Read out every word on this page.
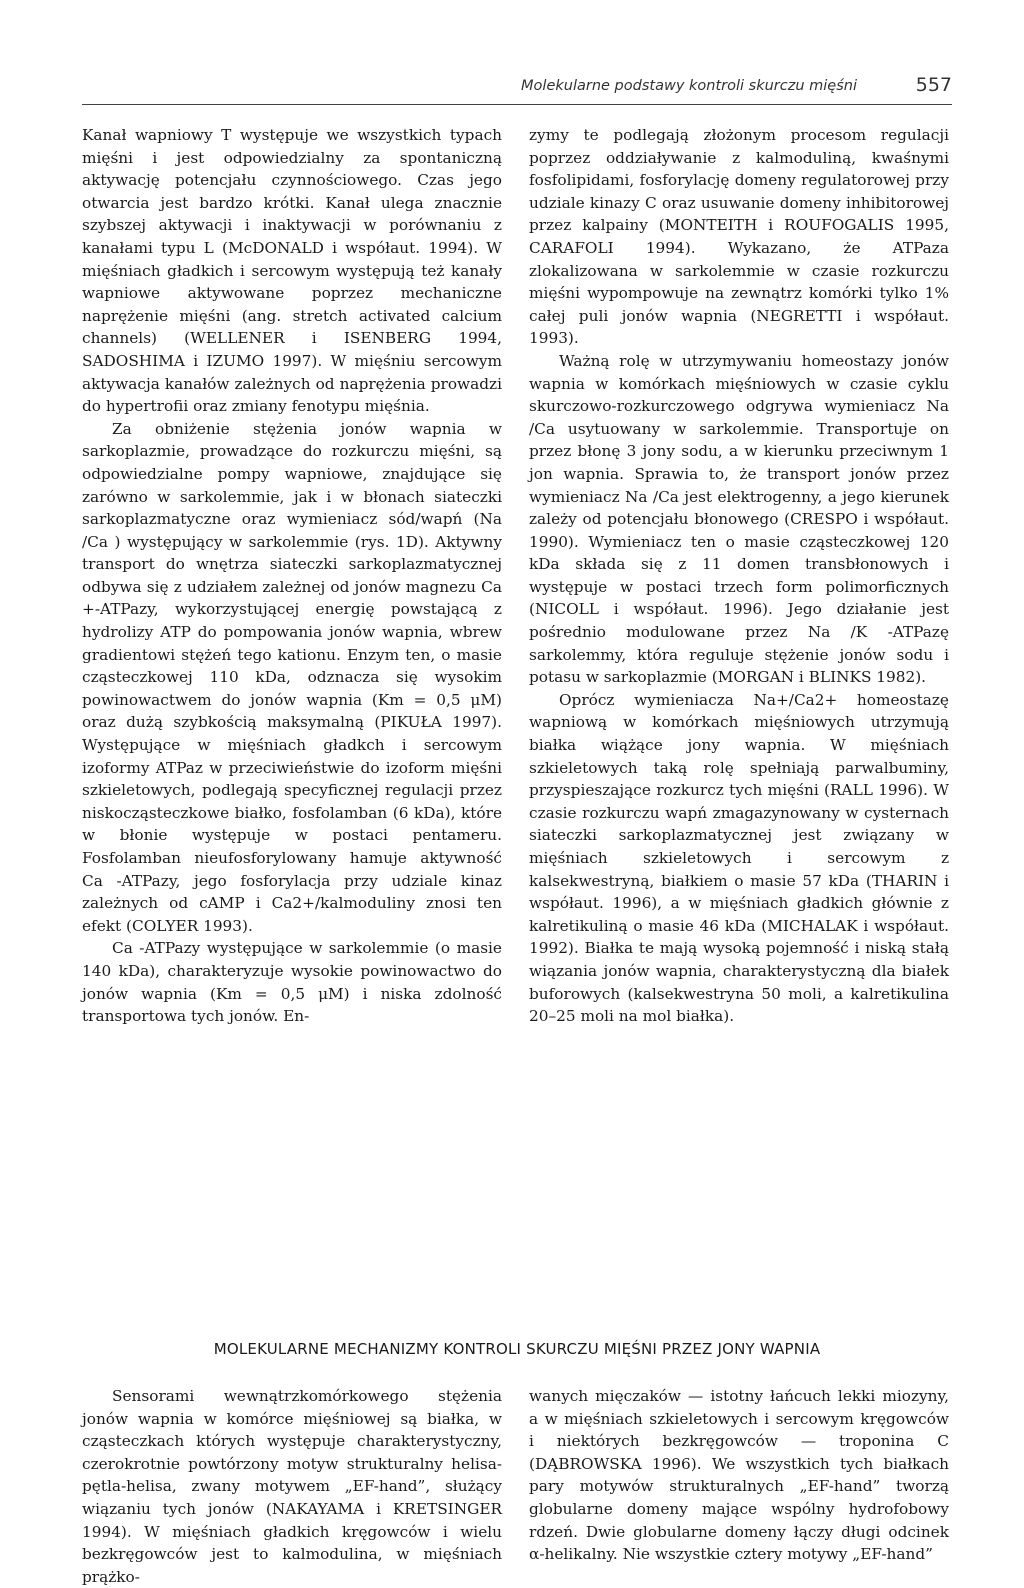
Molekularne podstawy kontroli skurczu mięśni	557

Kanał wapniowy T występuje we wszystkich typach mięśni i jest odpowiedzialny za spontaniczną aktywację potencjału czynnościowego. Czas jego otwarcia jest bardzo krótki. Kanał ulega znacznie szybszej aktywacji i inaktywacji w porównaniu z kanałami typu L (McDONALD i współaut. 1994). W mięśniach gładkich i sercowym występują też kanały wapniowe aktywowane poprzez mechaniczne naprężenie mięśni (ang. stretch activated calcium channels) (WELLENER i ISENBERG 1994, SADOSHIMA i IZUMO 1997). W mięśniu sercowym aktywacja kanałów zależnych od naprężenia prowadzi do hypertrofii oraz zmiany fenotypu mięśnia.

Za obniżenie stężenia jonów wapnia w sarkoplazmie, prowadzące do rozkurczu mięśni, są odpowiedzialne pompy wapniowe, znajdujące się zarówno w sarkolemmie, jak i w błonach siateczki sarkoplazmatyczne oraz wymieniacz sód/wapń (Na /Ca ) występujący w sarkolemmie (rys. 1D). Aktywny transport do wnętrza siateczki sarkoplazmatycznej odbywa się z udziałem zależnej od jonów magnezu Ca +-ATPazy, wykorzystującej energię powstającą z hydrolizy ATP do pompowania jonów wapnia, wbrew gradientowi stężeń tego kationu. Enzym ten, o masie cząsteczkowej 110 kDa, odznacza się wysokim powinowactwem do jonów wapnia (Km = 0,5 μM) oraz dużą szybkością maksymalną (PIKUŁA 1997). Występujące w mięśniach gładkch i sercowym izoformy ATPaz w przeciwieństwie do izoform mięśni szkieletowych, podlegają specyficznej regulacji przez niskocząsteczkowe białko, fosfolamban (6 kDa), które w błonie występuje w postaci pentameru. Fosfolamban nieufosforylowany hamuje aktywność Ca -ATPazy, jego fosforylacja przy udziale kinaz zależnych od cAMP i Ca2+/kalmoduliny znosi ten efekt (COLYER 1993).

Ca -ATPazy występujące w sarkolemmie (o masie 140 kDa), charakteryzuje wysokie powinowactwo do jonów wapnia (Km = 0,5 μM) i niska zdolność transportowa tych jonów. En-

zymy te podlegają złożonym procesom regulacji poprzez oddziaływanie z kalmoduliną, kwaśnymi fosfolipidami, fosforylację domeny regulatorowej przy udziale kinazy C oraz usuwanie domeny inhibitorowej przez kalpainy (MONTEITH i ROUFOGALIS 1995, CARAFOLI 1994). Wykazano, że ATPaza zlokalizowana w sarkolemmie w czasie rozkurczu mięśni wypompowuje na zewnątrz komórki tylko 1% całej puli jonów wapnia (NEGRETTI i współaut. 1993).

Ważną rolę w utrzymywaniu homeostazy jonów wapnia w komórkach mięśniowych w czasie cyklu skurczowo-rozkurczowego odgrywa wymieniacz Na /Ca usytuowany w sarkolemmie. Transportuje on przez błonę 3 jony sodu, a w kierunku przeciwnym 1 jon wapnia. Sprawia to, że transport jonów przez wymieniacz Na /Ca jest elektrogenny, a jego kierunek zależy od potencjału błonowego (CRESPO i współaut. 1990). Wymieniacz ten o masie cząsteczkowej 120 kDa składa się z 11 domen transbłonowych i występuje w postaci trzech form polimorficznych (NICOLL i współaut. 1996). Jego działanie jest pośrednio modulowane przez Na /K -ATPazę sarkolemmy, która reguluje stężenie jonów sodu i potasu w sarkoplazmie (MORGAN i BLINKS 1982).

Oprócz wymieniacza Na+/Ca2+ homeostazę wapniową w komórkach mięśniowych utrzymują białka wiążące jony wapnia. W mięśniach szkieletowych taką rolę spełniają parwalbuminy, przyspieszające rozkurcz tych mięśni (RALL 1996). W czasie rozkurczu wapń zmagazynowany w cysternach siateczki sarkoplazmatycznej jest związany w mięśniach szkieletowych i sercowym z kalsekwestryną, białkiem o masie 57 kDa (THARIN i współaut. 1996), a w mięśniach gładkich głównie z kalretikuliną o masie 46 kDa (MICHALAK i współaut. 1992). Białka te mają wysoką pojemność i niską stałą wiązania jonów wapnia, charakterystyczną dla białek buforowych (kalsekwestryna 50 moli, a kalretikulina 20–25 moli na mol białka).

MOLEKULARNE MECHANIZMY KONTROLI SKURCZU MIĘŚNI PRZEZ JONY WAPNIA

Sensorami wewnątrzkomórkowego stężenia jonów wapnia w komórce mięśniowej są białka, w cząsteczkach których występuje charakterystyczny, czerokrotnie powtórzony motyw strukturalny helisa-pętla-helisa, zwany motywem „EF-hand”, służący wiązaniu tych jonów (NAKAYAMA i KRETSINGER 1994). W mięśniach gładkich kręgowców i wielu bezkręgowców jest to kalmodulina, w mięśniach prążko-

wanych mięczaków — istotny łańcuch lekki miozyny, a w mięśniach szkieletowych i sercowym kręgowców i niektórych bezkręgowców — troponina C (DĄBROWSKA 1996). We wszystkich tych białkach pary motywów strukturalnych „EF-hand” tworzą globularne domeny mające wspólny hydrofobowy rdzeń. Dwie globularne domeny łączy długi odcinek α-helikalny. Nie wszystkie cztery motywy „EF-hand”
